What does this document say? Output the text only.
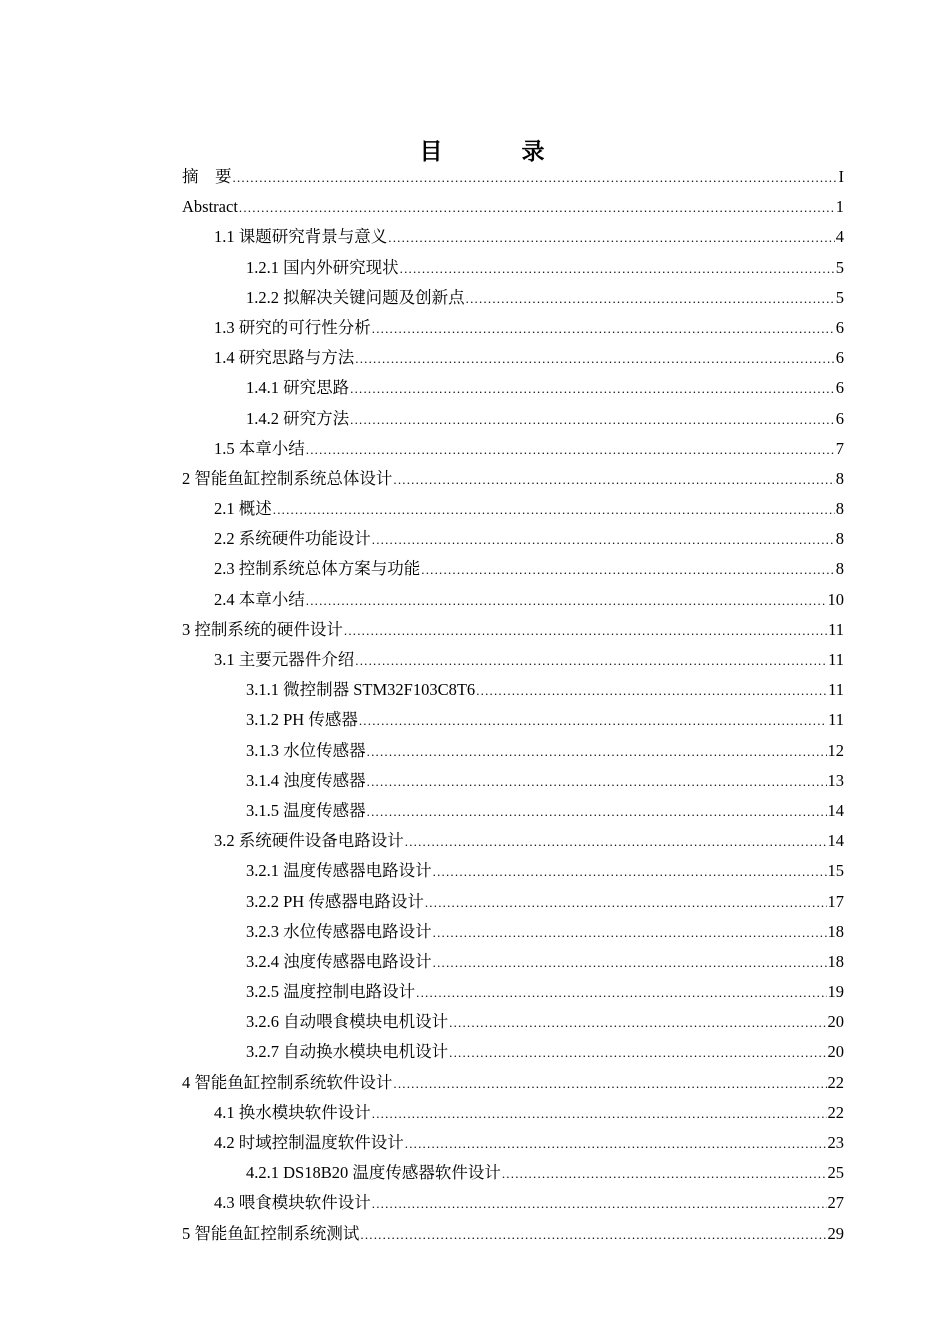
目　录
摘　要 .....	I
Abstract .....	1
1.1 课题研究背景与意义 .....	4
1.2.1 国内外研究现状 .....	5
1.2.2 拟解决关键问题及创新点 .....	5
1.3 研究的可行性分析 .....	6
1.4 研究思路与方法 .....	6
1.4.1 研究思路 .....	6
1.4.2 研究方法 .....	6
1.5 本章小结 .....	7
2 智能鱼缸控制系统总体设计 .....	8
2.1 概述 .....	8
2.2 系统硬件功能设计 .....	8
2.3 控制系统总体方案与功能 .....	8
2.4 本章小结 .....	10
3 控制系统的硬件设计 .....	11
3.1 主要元器件介绍 .....	11
3.1.1 微控制器 STM32F103C8T6 .....	11
3.1.2 PH 传感器 .....	11
3.1.3 水位传感器 .....	12
3.1.4 浊度传感器 .....	13
3.1.5 温度传感器 .....	14
3.2 系统硬件设备电路设计 .....	14
3.2.1 温度传感器电路设计 .....	15
3.2.2 PH 传感器电路设计 .....	17
3.2.3 水位传感器电路设计 .....	18
3.2.4 浊度传感器电路设计 .....	18
3.2.5 温度控制电路设计 .....	19
3.2.6 自动喂食模块电机设计 .....	20
3.2.7 自动换水模块电机设计 .....	20
4 智能鱼缸控制系统软件设计 .....	22
4.1 换水模块软件设计 .....	22
4.2 时域控制温度软件设计 .....	23
4.2.1 DS18B20 温度传感器软件设计 .....	25
4.3 喂食模块软件设计 .....	27
5 智能鱼缸控制系统测试 .....	29
